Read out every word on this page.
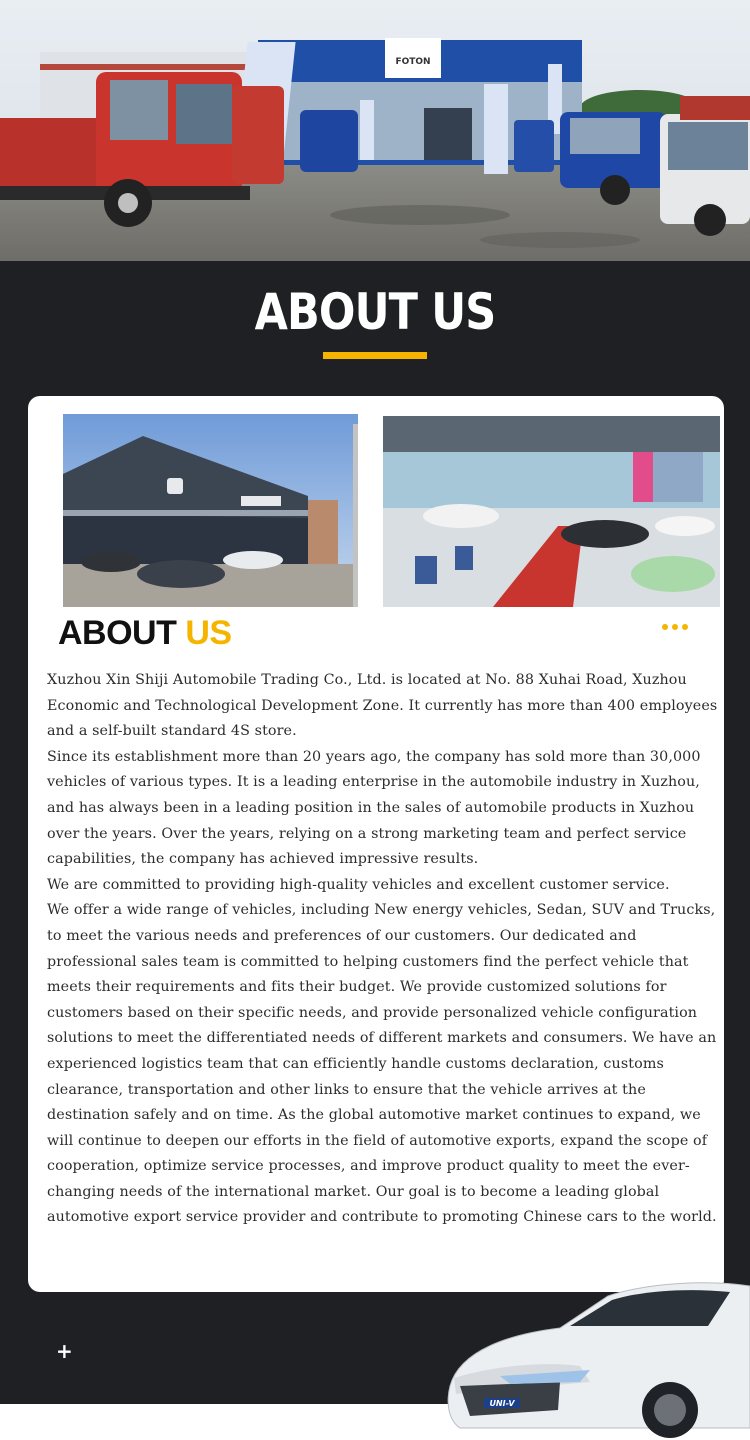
FOTON
ABOUT US
ABOUT US

Xuzhou Xin Shiji Automobile Trading Co., Ltd. is located at No. 88 Xuhai Road, Xuzhou Economic and Technological Development Zone. It currently has more than 400 employees and a self-built standard 4S store.

Since its establishment more than 20 years ago, the company has sold more than 30,000 vehicles of various types. It is a leading enterprise in the automobile industry in Xuzhou, and has always been in a leading position in the sales of automobile products in Xuzhou over the years. Over the years, relying on a strong marketing team and perfect service capabilities, the company has achieved impressive results.

We are committed to providing high-quality vehicles and excellent customer service.

We offer a wide range of vehicles, including New energy vehicles, Sedan, SUV and Trucks, to meet the various needs and preferences of our customers. Our dedicated and professional sales team is committed to helping customers find the perfect vehicle that meets their requirements and fits their budget. We provide customized solutions for customers based on their specific needs, and provide personalized vehicle configuration solutions to meet the differentiated needs of different markets and consumers. We have an experienced logistics team that can efficiently handle customs declaration, customs clearance, transportation and other links to ensure that the vehicle arrives at the destination safely and on time. As the global automotive market continues to expand, we will continue to deepen our efforts in the field of automotive exports, expand the scope of cooperation, optimize service processes, and improve product quality to meet the ever-changing needs of the international market. Our goal is to become a leading global automotive export service provider and contribute to promoting Chinese cars to the world.

+
UNI-V
